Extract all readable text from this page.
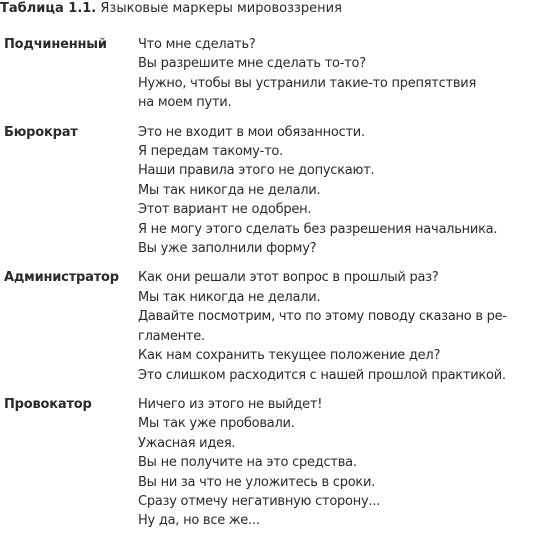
Таблица 1.1. Языковые маркеры мировоззрения
Подчиненный	Что мне сделать?
Вы разрешите мне сделать то-то?
Нужно, чтобы вы устранили такие-то препятствия
на моем пути.
Бюрократ	Это не входит в мои обязанности.
Я передам такому-то.
Наши правила этого не допускают.
Мы так никогда не делали.
Этот вариант не одобрен.
Я не могу этого сделать без разрешения начальника.
Вы уже заполнили форму?
Администратор	Как они решали этот вопрос в прошлый раз?
Мы так никогда не делали.
Давайте посмотрим, что по этому поводу сказано в ре-
гламенте.
Как нам сохранить текущее положение дел?
Это слишком расходится с нашей прошлой практикой.
Провокатор	Ничего из этого не выйдет!
Мы так уже пробовали.
Ужасная идея.
Вы не получите на это средства.
Вы ни за что не уложитесь в сроки.
Сразу отмечу негативную сторону...
Ну да, но все же...
